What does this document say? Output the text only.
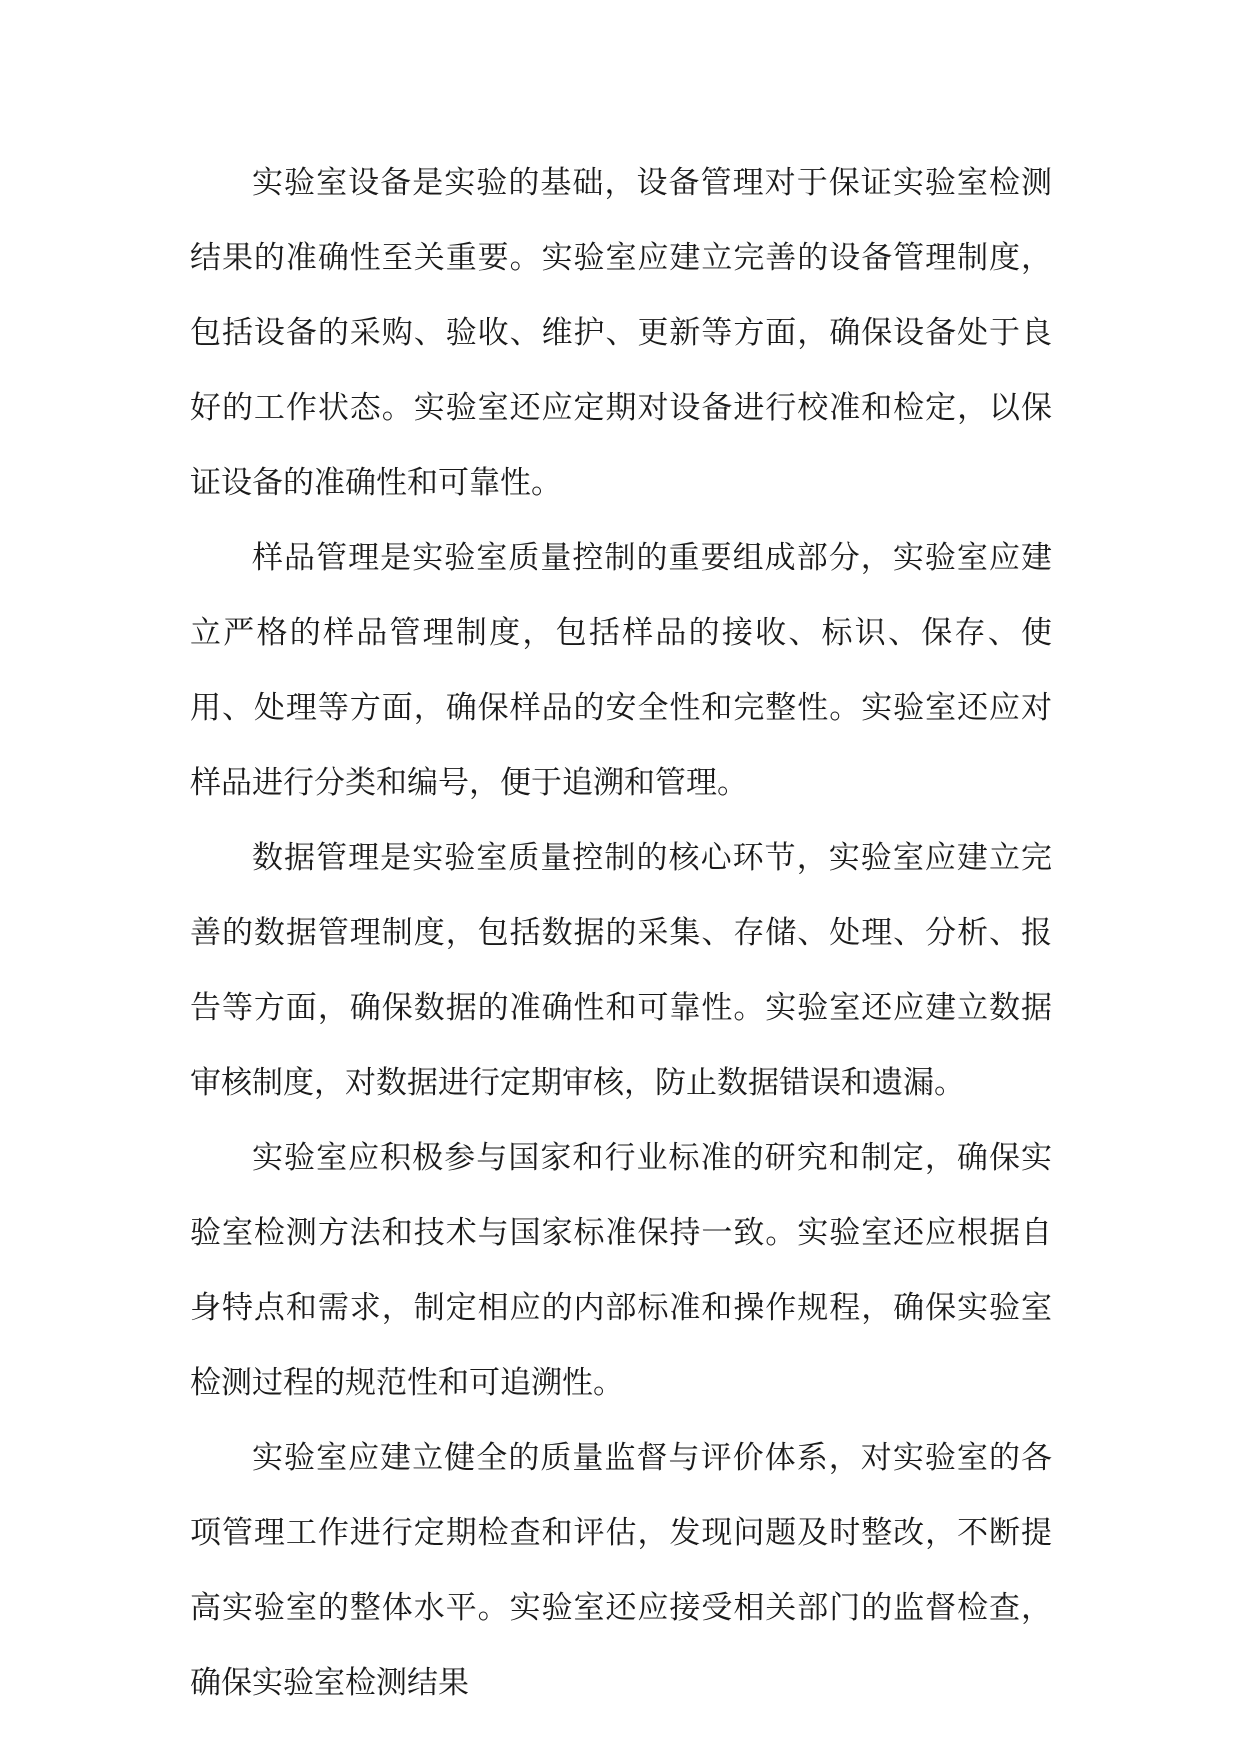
实验室设备是实验的基础，设备管理对于保证实验室检测结果的准确性至关重要。实验室应建立完善的设备管理制度，包括设备的采购、验收、维护、更新等方面，确保设备处于良好的工作状态。实验室还应定期对设备进行校准和检定，以保证设备的准确性和可靠性。

样品管理是实验室质量控制的重要组成部分，实验室应建立严格的样品管理制度，包括样品的接收、标识、保存、使用、处理等方面，确保样品的安全性和完整性。实验室还应对样品进行分类和编号，便于追溯和管理。

数据管理是实验室质量控制的核心环节，实验室应建立完善的数据管理制度，包括数据的采集、存储、处理、分析、报告等方面，确保数据的准确性和可靠性。实验室还应建立数据审核制度，对数据进行定期审核，防止数据错误和遗漏。

实验室应积极参与国家和行业标准的研究和制定，确保实验室检测方法和技术与国家标准保持一致。实验室还应根据自身特点和需求，制定相应的内部标准和操作规程，确保实验室检测过程的规范性和可追溯性。

实验室应建立健全的质量监督与评价体系，对实验室的各项管理工作进行定期检查和评估，发现问题及时整改，不断提高实验室的整体水平。实验室还应接受相关部门的监督检查，确保实验室检测结果
